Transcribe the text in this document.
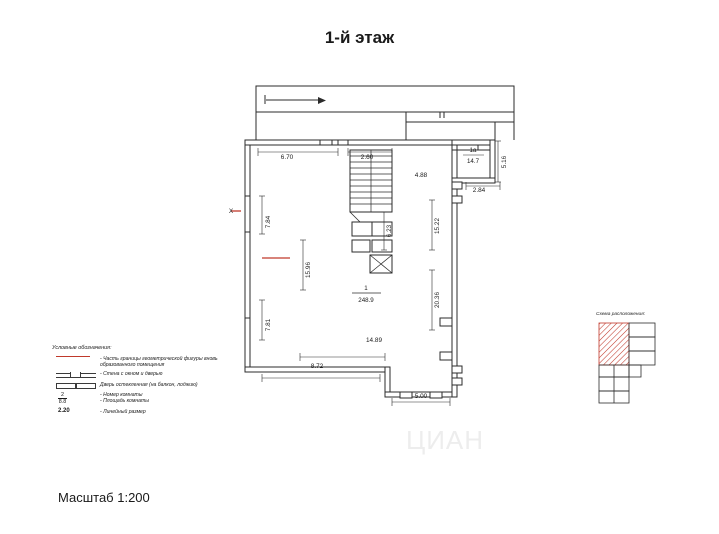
1-й этаж
6.70	2.60
4.88
2.84
14.89
8.72
5.00
7.84
7.81
15.96
6.23	15.22
20.36
5.16
X
1
248.9
1a
14.7
Условные обозначения:
- Часть границы геометрической фигуры вновь образованного помещения
- Стена с окном и дверью
Дверь остекленная (на балкон, лоджию)
$\frac{2}{8.8}$	- Номер комнаты
- Площадь комнаты
2.20	- Линейный размер
Схема расположения:
ЦИАН
Масштаб 1:200
